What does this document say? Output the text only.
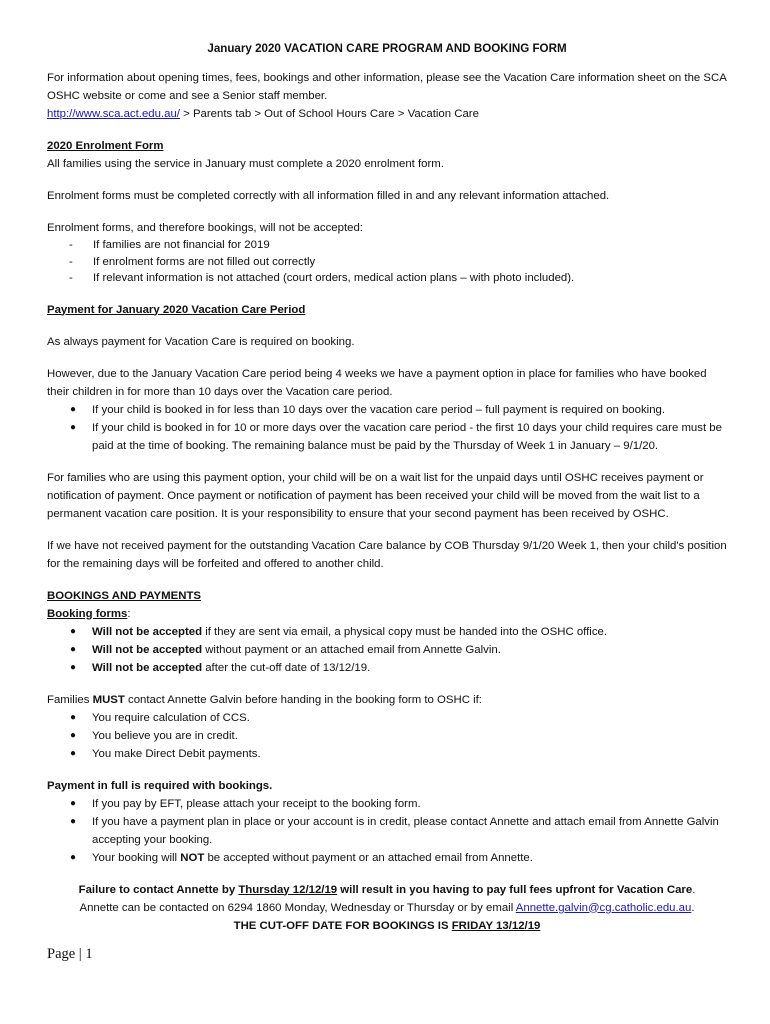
January 2020 VACATION CARE PROGRAM AND BOOKING FORM

For information about opening times, fees, bookings and other information, please see the Vacation Care information sheet on the SCA OSHC website or come and see a Senior staff member.

http://www.sca.act.edu.au/ > Parents tab > Out of School Hours Care > Vacation Care

2020 Enrolment Form

All families using the service in January must complete a 2020 enrolment form.

Enrolment forms must be completed correctly with all information filled in and any relevant information attached.

Enrolment forms, and therefore bookings, will not be accepted:

- If families are not financial for 2019
- If enrolment forms are not filled out correctly
- If relevant information is not attached (court orders, medical action plans – with photo included).
Payment for January 2020 Vacation Care Period

As always payment for Vacation Care is required on booking.

However, due to the January Vacation Care period being 4 weeks we have a payment option in place for families who have booked their children in for more than 10 days over the Vacation care period.

● If your child is booked in for less than 10 days over the vacation care period – full payment is required on booking.
● If your child is booked in for 10 or more days over the vacation care period - the first 10 days your child requires care must be paid at the time of booking. The remaining balance must be paid by the Thursday of Week 1 in January – 9/1/20.

For families who are using this payment option, your child will be on a wait list for the unpaid days until OSHC receives payment or notification of payment. Once payment or notification of payment has been received your child will be moved from the wait list to a permanent vacation care position. It is your responsibility to ensure that your second payment has been received by OSHC.

If we have not received payment for the outstanding Vacation Care balance by COB Thursday 9/1/20 Week 1, then your child's position for the remaining days will be forfeited and offered to another child.

BOOKINGS AND PAYMENTS

Booking forms:

● Will not be accepted if they are sent via email, a physical copy must be handed into the OSHC office.
● Will not be accepted without payment or an attached email from Annette Galvin.
● Will not be accepted after the cut-off date of 13/12/19.

Families MUST contact Annette Galvin before handing in the booking form to OSHC if:

● You require calculation of CCS.
● You believe you are in credit.
● You make Direct Debit payments.

Payment in full is required with bookings.

● If you pay by EFT, please attach your receipt to the booking form.
● If you have a payment plan in place or your account is in credit, please contact Annette and attach email from Annette Galvin accepting your booking.
● Your booking will NOT be accepted without payment or an attached email from Annette.

Failure to contact Annette by Thursday 12/12/19 will result in you having to pay full fees upfront for Vacation Care.

Annette can be contacted on 6294 1860 Monday, Wednesday or Thursday or by email Annette.galvin@cg.catholic.edu.au.

THE CUT-OFF DATE FOR BOOKINGS IS FRIDAY 13/12/19

Page | 1
